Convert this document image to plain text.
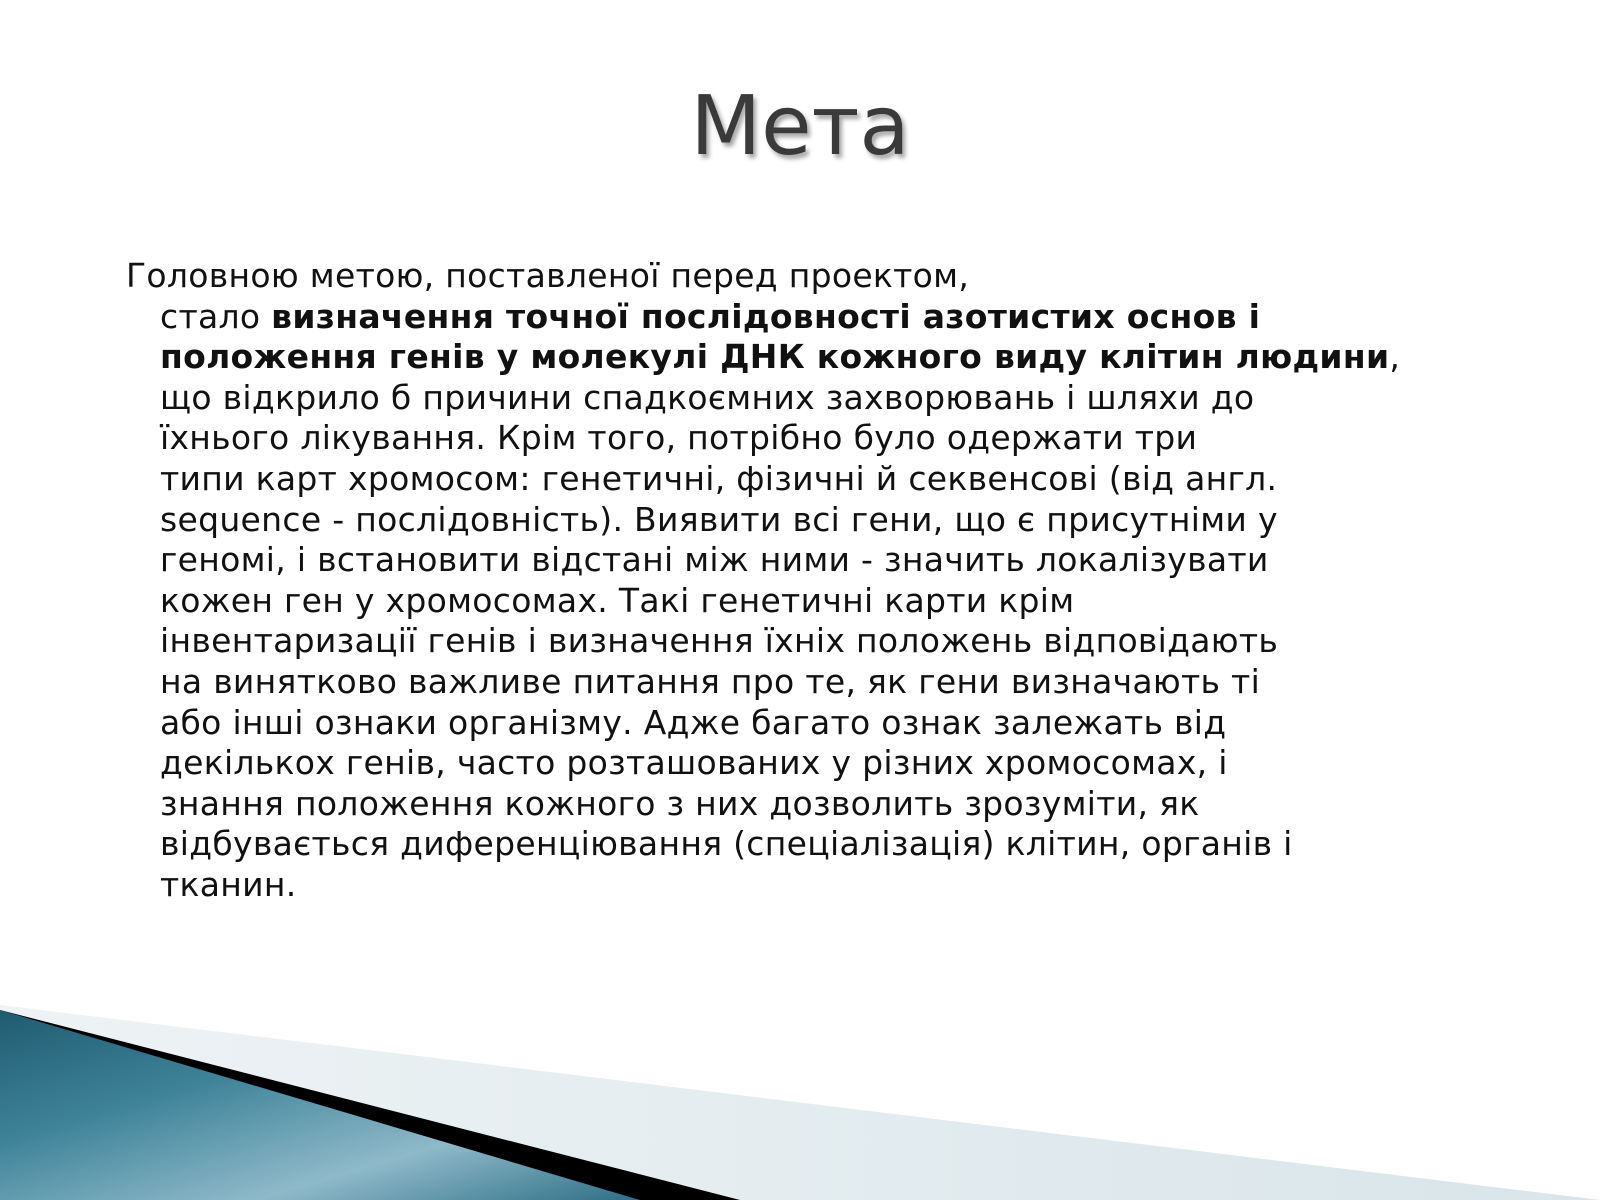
Мета
Головною метою, поставленої перед проектом,
стало визначення точної послідовності азотистих основ і
положення генів у молекулі ДНК кожного виду клітин людини,
що відкрило б причини спадкоємних захворювань і шляхи до
їхнього лікування. Крім того, потрібно було одержати три
типи карт хромосом: генетичні, фізичні й секвенсові (від англ.
sequence - послідовність). Виявити всі гени, що є присутніми у
геномі, і встановити відстані між ними - значить локалізувати
кожен ген у хромосомах. Такі генетичні карти крім
інвентаризації генів і визначення їхніх положень відповідають
на винятково важливе питання про те, як гени визначають ті
або інші ознаки організму. Адже багато ознак залежать від
декількох генів, часто розташованих у різних хромосомах, і
знання положення кожного з них дозволить зрозуміти, як
відбувається диференціювання (спеціалізація) клітин, органів і
тканин.
